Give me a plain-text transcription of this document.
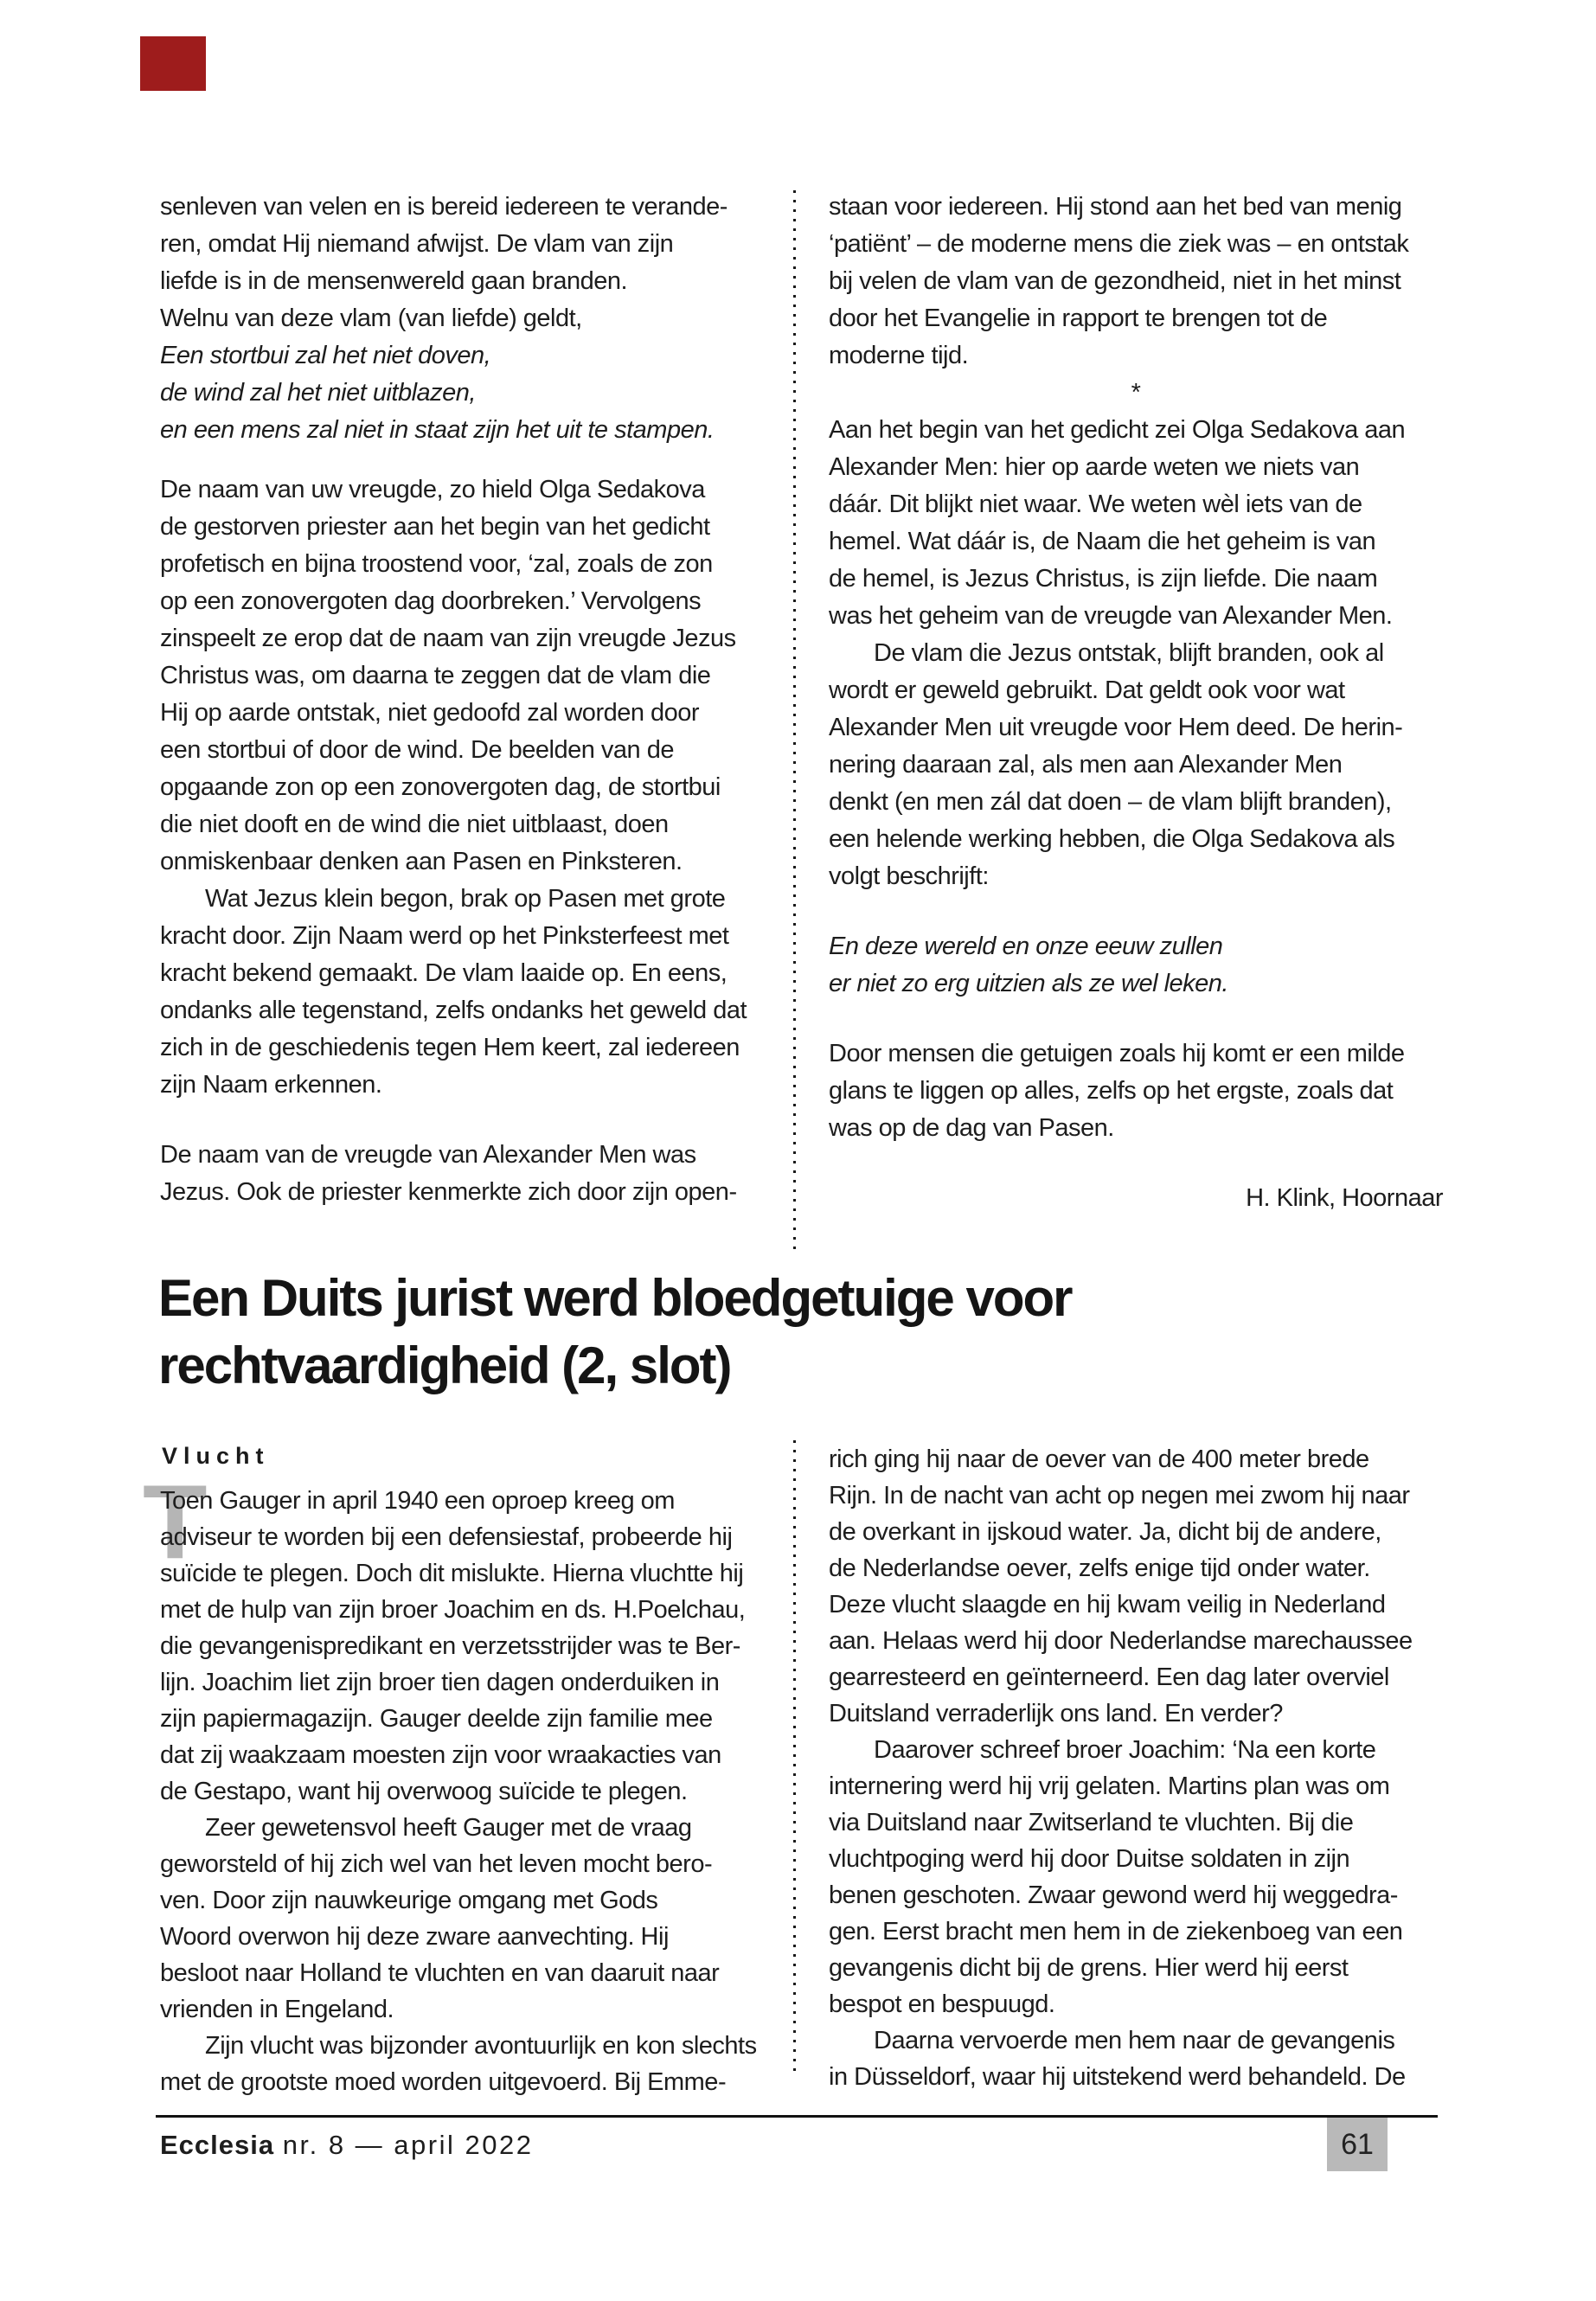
senleven van velen en is bereid iedereen te verande-
ren, omdat Hij niemand afwijst. De vlam van zijn
liefde is in de mensenwereld gaan branden.
Welnu van deze vlam (van liefde) geldt,
Een stortbui zal het niet doven,
de wind zal het niet uitblazen,
en een mens zal niet in staat zijn het uit te stampen.
De naam van uw vreugde, zo hield Olga Sedakova
de gestorven priester aan het begin van het gedicht
profetisch en bijna troostend voor, ‘zal, zoals de zon
op een zonovergoten dag doorbreken.’ Vervolgens
zinspeelt ze erop dat de naam van zijn vreugde Jezus
Christus was, om daarna te zeggen dat de vlam die
Hij op aarde ontstak, niet gedoofd zal worden door
een stortbui of door de wind. De beelden van de
opgaande zon op een zonovergoten dag, de stortbui
die niet dooft en de wind die niet uitblaast, doen
onmiskenbaar denken aan Pasen en Pinksteren.
Wat Jezus klein begon, brak op Pasen met grote
kracht door. Zijn Naam werd op het Pinksterfeest met
kracht bekend gemaakt. De vlam laaide op. En eens,
ondanks alle tegenstand, zelfs ondanks het geweld dat
zich in de geschiedenis tegen Hem keert, zal iedereen
zijn Naam erkennen.
De naam van de vreugde van Alexander Men was
Jezus. Ook de priester kenmerkte zich door zijn open-
staan voor iedereen. Hij stond aan het bed van menig
‘patiënt’ – de moderne mens die ziek was – en ontstak
bij velen de vlam van de gezondheid, niet in het minst
door het Evangelie in rapport te brengen tot de
moderne tijd.
*
Aan het begin van het gedicht zei Olga Sedakova aan
Alexander Men: hier op aarde weten we niets van
dáár. Dit blijkt niet waar. We weten wèl iets van de
hemel. Wat dáár is, de Naam die het geheim is van
de hemel, is Jezus Christus, is zijn liefde. Die naam
was het geheim van de vreugde van Alexander Men.
De vlam die Jezus ontstak, blijft branden, ook al
wordt er geweld gebruikt. Dat geldt ook voor wat
Alexander Men uit vreugde voor Hem deed. De herin-
nering daaraan zal, als men aan Alexander Men
denkt (en men zál dat doen – de vlam blijft branden),
een helende werking hebben, die Olga Sedakova als
volgt beschrijft:
En deze wereld en onze eeuw zullen
er niet zo erg uitzien als ze wel leken.
Door mensen die getuigen zoals hij komt er een milde
glans te liggen op alles, zelfs op het ergste, zoals dat
was op de dag van Pasen.
H. Klink, Hoornaar
Een Duits jurist werd bloedgetuige voor
rechtvaardigheid (2, slot)
Vlucht
T
Toen Gauger in april 1940 een oproep kreeg om
adviseur te worden bij een defensiestaf, probeerde hij
suïcide te plegen. Doch dit mislukte. Hierna vluchtte hij
met de hulp van zijn broer Joachim en ds. H.Poelchau,
die gevangenispredikant en verzetsstrijder was te Ber-
lijn. Joachim liet zijn broer tien dagen onderduiken in
zijn papiermagazijn. Gauger deelde zijn familie mee
dat zij waakzaam moesten zijn voor wraakacties van
de Gestapo, want hij overwoog suïcide te plegen.
Zeer gewetensvol heeft Gauger met de vraag
geworsteld of hij zich wel van het leven mocht bero-
ven. Door zijn nauwkeurige omgang met Gods
Woord overwon hij deze zware aanvechting. Hij
besloot naar Holland te vluchten en van daaruit naar
vrienden in Engeland.
Zijn vlucht was bijzonder avontuurlijk en kon slechts
met de grootste moed worden uitgevoerd. Bij Emme-
rich ging hij naar de oever van de 400 meter brede
Rijn. In de nacht van acht op negen mei zwom hij naar
de overkant in ijskoud water. Ja, dicht bij de andere,
de Nederlandse oever, zelfs enige tijd onder water.
Deze vlucht slaagde en hij kwam veilig in Nederland
aan. Helaas werd hij door Nederlandse marechaussee
gearresteerd en geïnterneerd. Een dag later overviel
Duitsland verraderlijk ons land. En verder?
Daarover schreef broer Joachim: ‘Na een korte
internering werd hij vrij gelaten. Martins plan was om
via Duitsland naar Zwitserland te vluchten. Bij die
vluchtpoging werd hij door Duitse soldaten in zijn
benen geschoten. Zwaar gewond werd hij weggedra-
gen. Eerst bracht men hem in de ziekenboeg van een
gevangenis dicht bij de grens. Hier werd hij eerst
bespot en bespuugd.
Daarna vervoerde men hem naar de gevangenis
in Düsseldorf, waar hij uitstekend werd behandeld. De
Ecclesia nr. 8 — april 2022	61
